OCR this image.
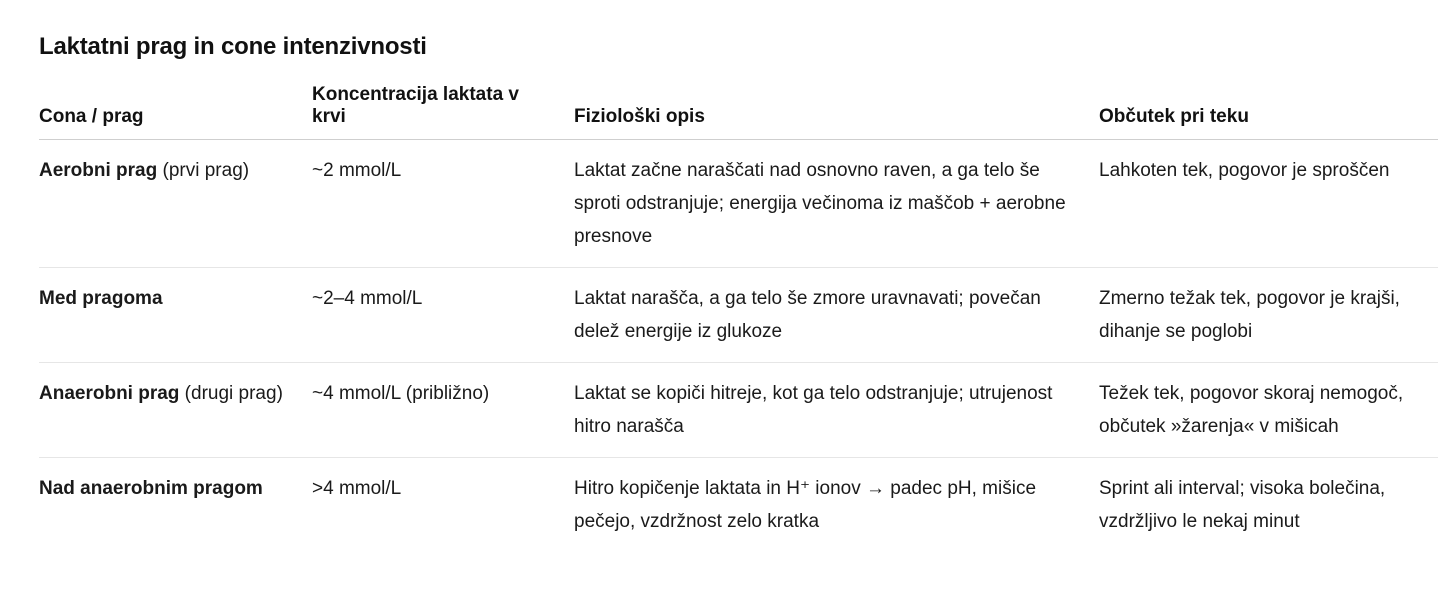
Laktatni prag in cone intenzivnosti
Cona / prag	Koncentracija laktata v krvi	Fiziološki opis	Občutek pri teku
Aerobni prag (prvi prag)	~2 mmol/L	Laktat začne naraščati nad osnovno raven, a ga telo še sproti odstranjuje; energija večinoma iz maščob + aerobne presnove	Lahkoten tek, pogovor je sproščen
Med pragoma	~2–4 mmol/L	Laktat narašča, a ga telo še zmore uravnavati; povečan delež energije iz glukoze	Zmerno težak tek, pogovor je krajši, dihanje se poglobi
Anaerobni prag (drugi prag)	~4 mmol/L (približno)	Laktat se kopiči hitreje, kot ga telo odstranjuje; utrujenost hitro narašča	Težek tek, pogovor skoraj nemogoč, občutek »žarenja« v mišicah
Nad anaerobnim pragom	>4 mmol/L	Hitro kopičenje laktata in H⁺ ionov → padec pH, mišice pečejo, vzdržnost zelo kratka	Sprint ali interval; visoka bolečina, vzdržljivo le nekaj minut
